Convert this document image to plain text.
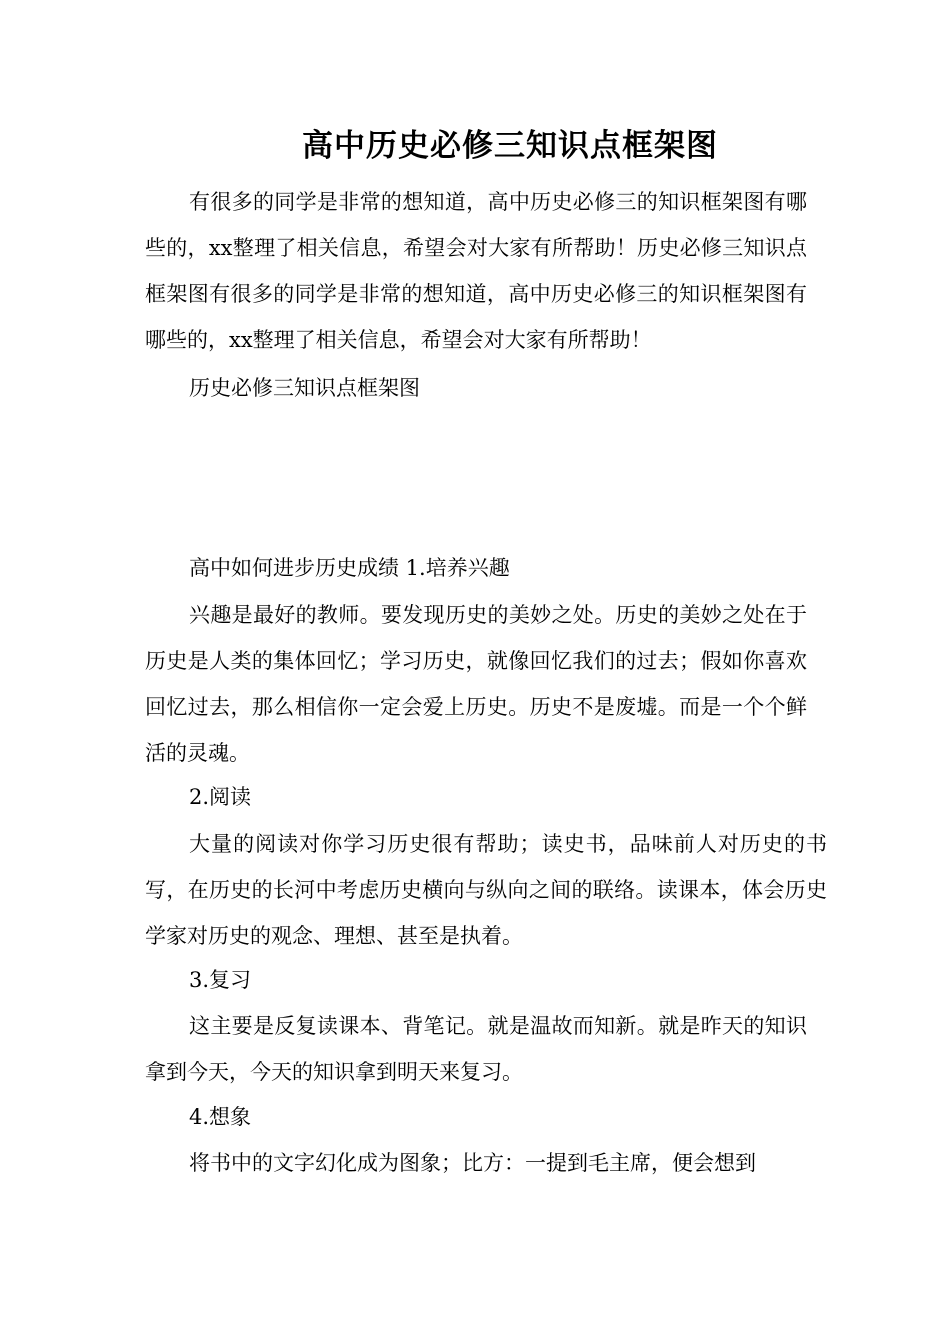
高中历史必修三知识点框架图
有很多的同学是非常的想知道，高中历史必修三的知识框架图有哪些的，xx整理了相关信息，希望会对大家有所帮助！历史必修三知识点框架图有很多的同学是非常的想知道，高中历史必修三的知识框架图有哪些的，xx整理了相关信息，希望会对大家有所帮助！
历史必修三知识点框架图
高中如何进步历史成绩 1.培养兴趣
兴趣是最好的教师。要发现历史的美妙之处。历史的美妙之处在于历史是人类的集体回忆；学习历史，就像回忆我们的过去；假如你喜欢回忆过去，那么相信你一定会爱上历史。历史不是废墟。而是一个个鲜活的灵魂。
2.阅读
大量的阅读对你学习历史很有帮助；读史书，品味前人对历史的书写，在历史的长河中考虑历史横向与纵向之间的联络。读课本，体会历史学家对历史的观念、理想、甚至是执着。
3.复习
这主要是反复读课本、背笔记。就是温故而知新。就是昨天的知识拿到今天，今天的知识拿到明天来复习。
4.想象
将书中的文字幻化成为图象；比方：一提到毛主席，便会想到
